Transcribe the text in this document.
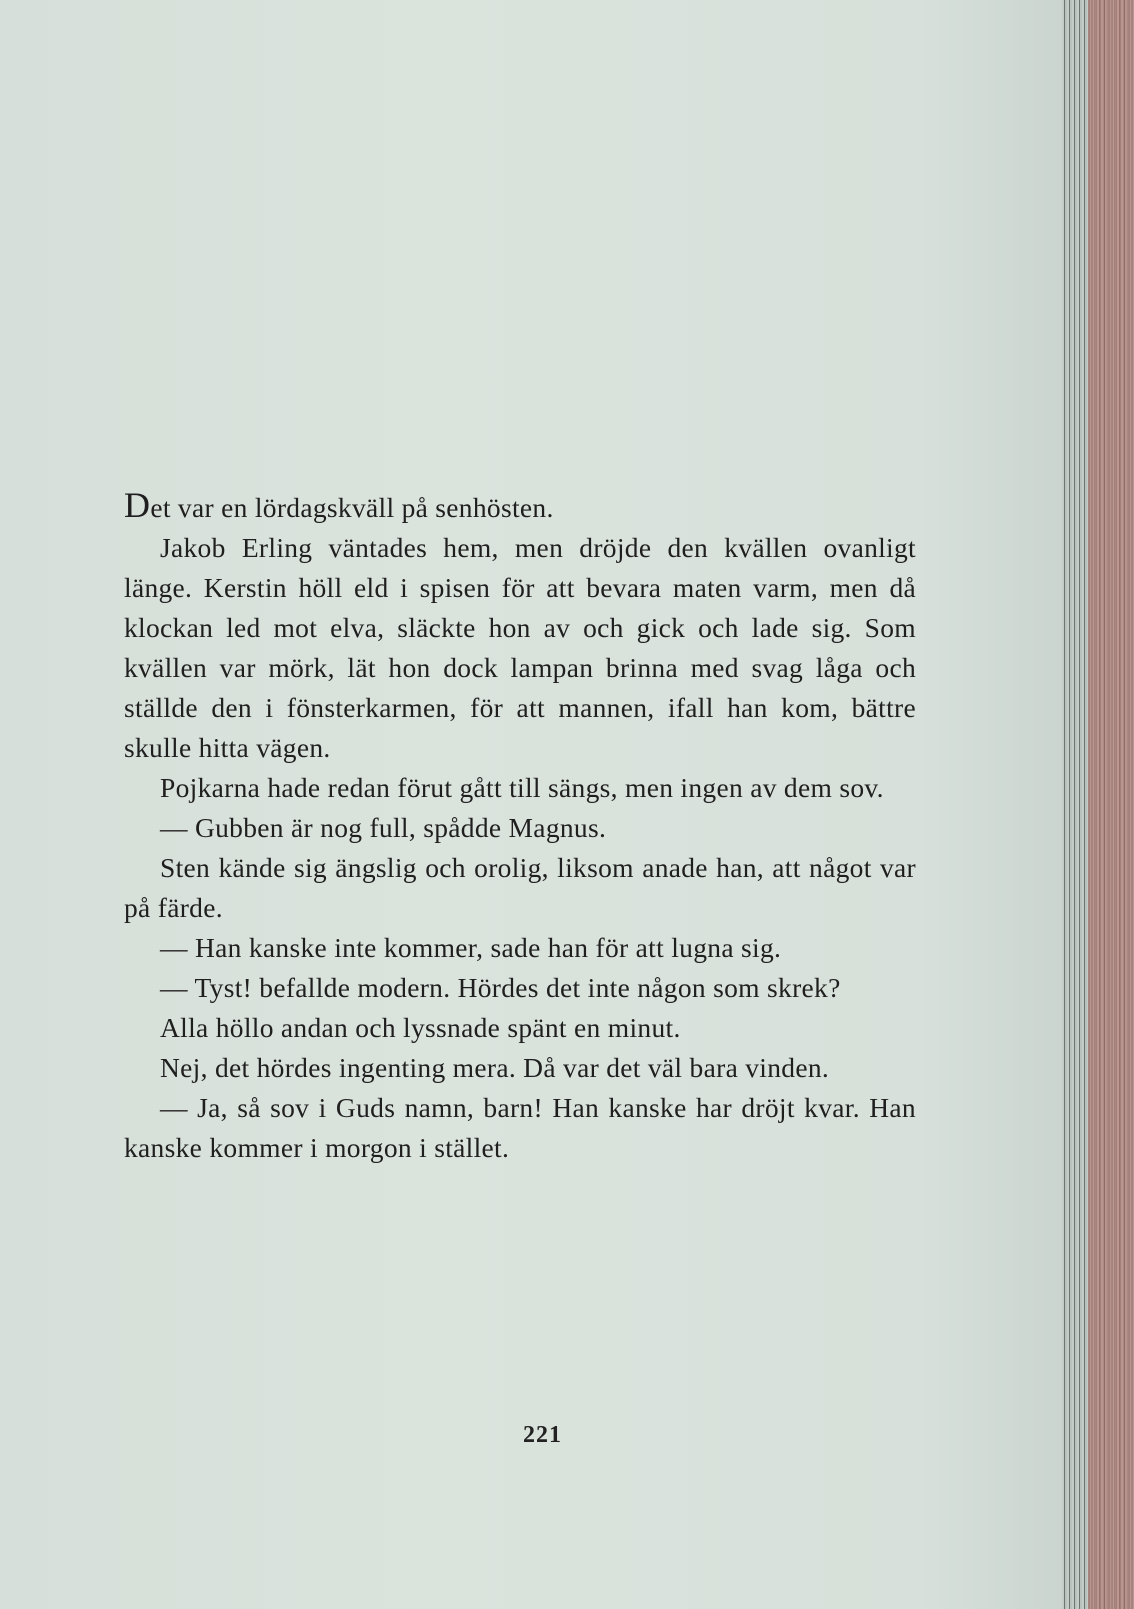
Det var en lördagskväll på senhösten.

Jakob Erling väntades hem, men dröjde den kvällen ovanligt länge. Kerstin höll eld i spisen för att bevara maten varm, men då klockan led mot elva, släckte hon av och gick och lade sig. Som kvällen var mörk, lät hon dock lampan brinna med svag låga och ställde den i fönsterkarmen, för att mannen, ifall han kom, bättre skulle hitta vägen.

Pojkarna hade redan förut gått till sängs, men ingen av dem sov.

— Gubben är nog full, spådde Magnus.

Sten kände sig ängslig och orolig, liksom anade han, att något var på färde.

— Han kanske inte kommer, sade han för att lugna sig.

— Tyst! befallde modern. Hördes det inte någon som skrek?

Alla höllo andan och lyssnade spänt en minut.

Nej, det hördes ingenting mera. Då var det väl bara vinden.

— Ja, så sov i Guds namn, barn! Han kanske har dröjt kvar. Han kanske kommer i morgon i stället.

221
